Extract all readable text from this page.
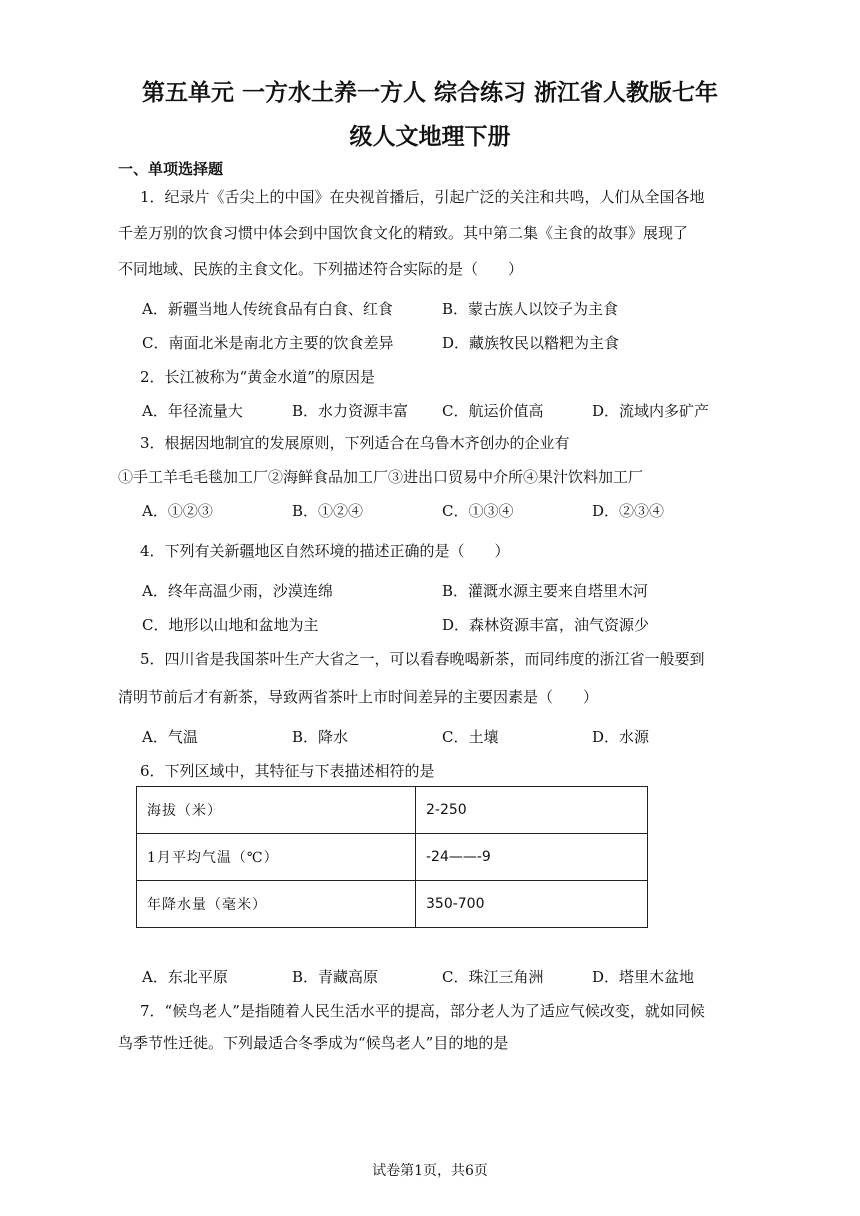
第五单元 一方水土养一方人 综合练习 浙江省人教版七年
级人文地理下册
一、单项选择题
1．纪录片《舌尖上的中国》在央视首播后，引起广泛的关注和共鸣，人们从全国各地
千差万别的饮食习惯中体会到中国饮食文化的精致。其中第二集《主食的故事》展现了
不同地域、民族的主食文化。下列描述符合实际的是（　　）
A．新疆当地人传统食品有白食、红食	B．蒙古族人以饺子为主食
C．南面北米是南北方主要的饮食差异	D．藏族牧民以糌粑为主食
2．长江被称为“黄金水道”的原因是
A．年径流量大	B．水力资源丰富 C．航运价值高	D．流域内多矿产
3．根据因地制宜的发展原则，下列适合在乌鲁木齐创办的企业有
①手工羊毛毛毯加工厂②海鲜食品加工厂③进出口贸易中介所④果汁饮料加工厂
A．①②③	B．①②④	C．①③④	D．②③④
4．下列有关新疆地区自然环境的描述正确的是（　　）
A．终年高温少雨，沙漠连绵	B．灌溉水源主要来自塔里木河
C．地形以山地和盆地为主	D．森林资源丰富，油气资源少
5．四川省是我国茶叶生产大省之一，可以看春晚喝新茶，而同纬度的浙江省一般要到
清明节前后才有新茶，导致两省茶叶上市时间差异的主要因素是（　　）
A．气温	B．降水	C．土壤	D．水源
6．下列区域中，其特征与下表描述相符的是
海拔（米）	2-250
1月平均气温（℃）	-24——-9
年降水量（毫米）	350-700
A．东北平原	B．青藏高原	C．珠江三角洲	D．塔里木盆地
7．“候鸟老人”是指随着人民生活水平的提高，部分老人为了适应气候改变，就如同候
鸟季节性迁徙。下列最适合冬季成为“候鸟老人”目的地的是
试卷第1页，共6页
